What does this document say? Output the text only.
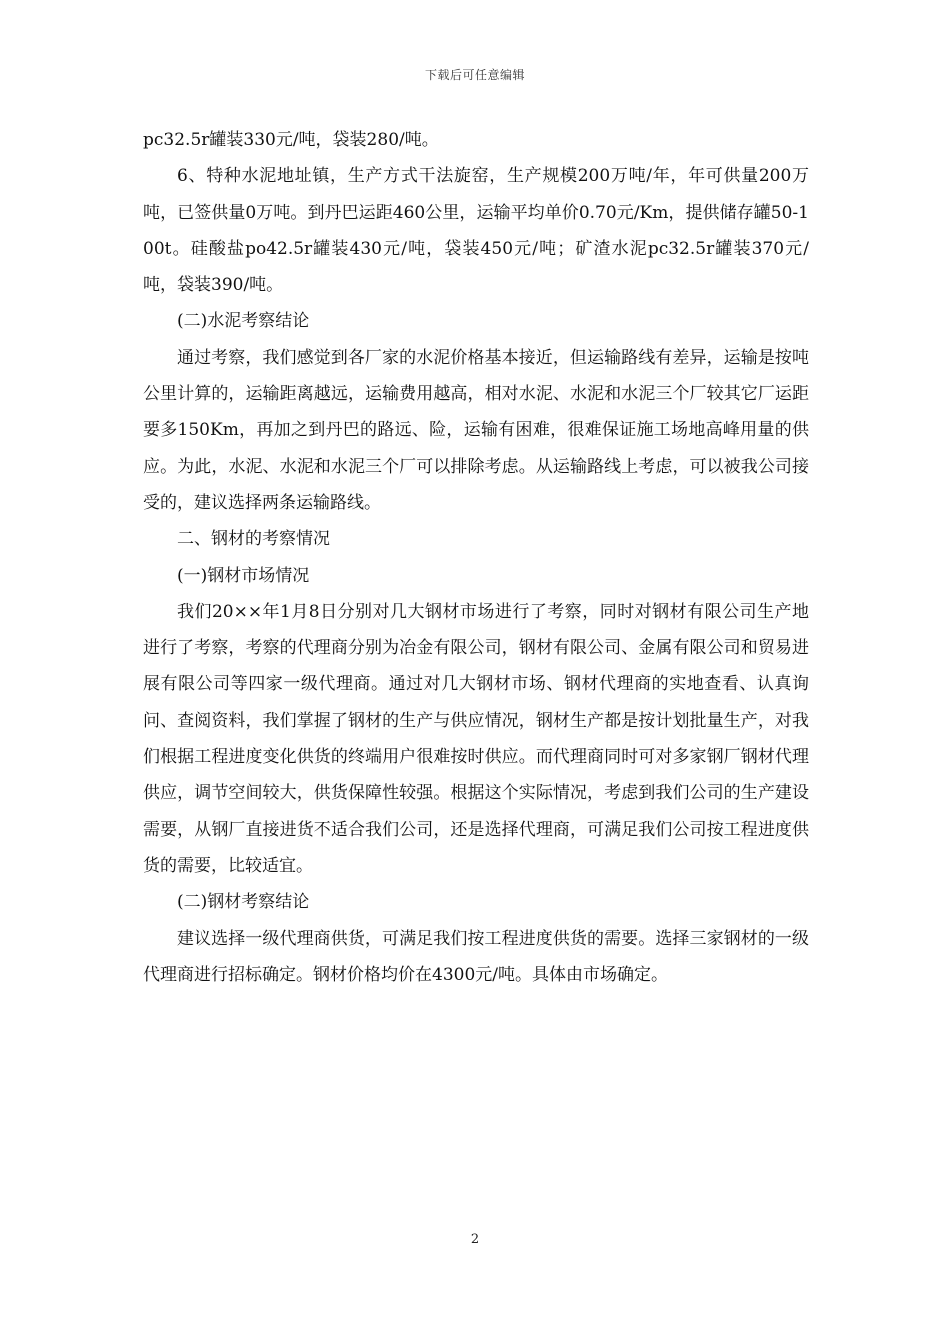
下载后可任意编辑

pc32.5r罐装330元/吨，袋装280/吨。

6、特种水泥地址镇，生产方式干法旋窑，生产规模200万吨/年，年可供量200万吨，已签供量0万吨。到丹巴运距460公里，运输平均单价0.70元/Km，提供储存罐50-100t。硅酸盐po42.5r罐装430元/吨，袋装450元/吨；矿渣水泥pc32.5r罐装370元/吨，袋装390/吨。

(二)水泥考察结论

通过考察，我们感觉到各厂家的水泥价格基本接近，但运输路线有差异，运输是按吨公里计算的，运输距离越远，运输费用越高，相对水泥、水泥和水泥三个厂较其它厂运距要多150Km，再加之到丹巴的路远、险，运输有困难，很难保证施工场地高峰用量的供应。为此，水泥、水泥和水泥三个厂可以排除考虑。从运输路线上考虑，可以被我公司接受的，建议选择两条运输路线。

二、钢材的考察情况

(一)钢材市场情况

我们20××年1月8日分别对几大钢材市场进行了考察，同时对钢材有限公司生产地进行了考察，考察的代理商分别为冶金有限公司，钢材有限公司、金属有限公司和贸易进展有限公司等四家一级代理商。通过对几大钢材市场、钢材代理商的实地查看、认真询问、查阅资料，我们掌握了钢材的生产与供应情况，钢材生产都是按计划批量生产，对我们根据工程进度变化供货的终端用户很难按时供应。而代理商同时可对多家钢厂钢材代理供应，调节空间较大，供货保障性较强。根据这个实际情况，考虑到我们公司的生产建设需要，从钢厂直接进货不适合我们公司，还是选择代理商，可满足我们公司按工程进度供货的需要，比较适宜。

(二)钢材考察结论

建议选择一级代理商供货，可满足我们按工程进度供货的需要。选择三家钢材的一级代理商进行招标确定。钢材价格均价在4300元/吨。具体由市场确定。

2
